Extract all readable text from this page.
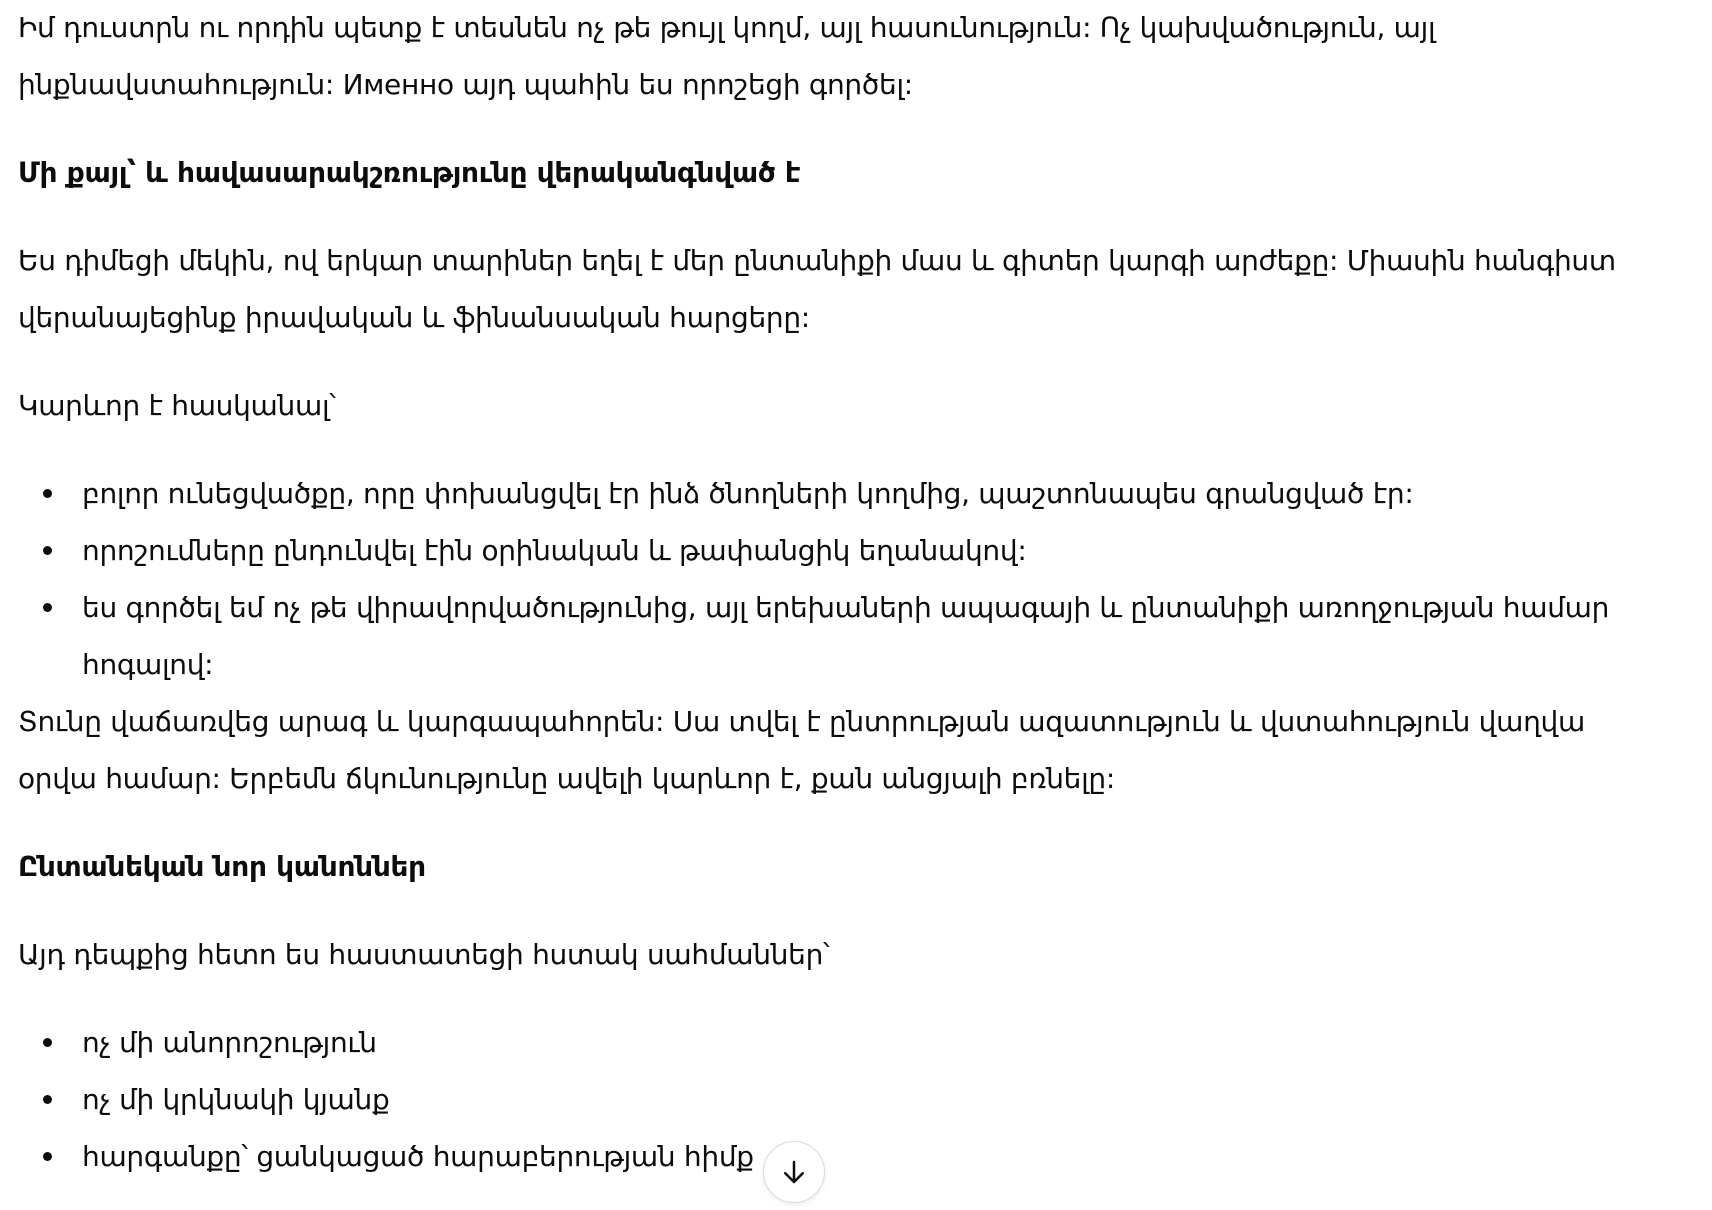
Իմ դուստրն ու որդին պետք է տեսնեն ոչ թե թույլ կողմ, այլ հասունություն: Ոչ կախվածություն, այլ ինքնավստահություն: Именно այդ պահին ես որոշեցի գործել:

Մի քայլ՝ և հավասարակշռությունը վերականգնված է

Ես դիմեցի մեկին, ով երկար տարիներ եղել է մեր ընտանիքի մաս և գիտեր կարգի արժեքը: Միասին հանգիստ վերանայեցինք իրավական և ֆինանսական հարցերը:

Կարևոր է հասկանալ՝

բոլոր ունեցվածքը, որը փոխանցվել էր ինձ ծնողների կողմից, պաշտոնապես գրանցված էր:
որոշումները ընդունվել էին օրինական և թափանցիկ եղանակով:
ես գործել եմ ոչ թե վիրավորվածությունից, այլ երեխաների ապագայի և ընտանիքի առողջության համար հոգալով:

Տունը վաճառվեց արագ և կարգապահորեն: Սա տվել է ընտրության ազատություն և վստահություն վաղվա օրվա համար: Երբեմն ճկունությունը ավելի կարևոր է, քան անցյալի բռնելը:

Ընտանեկան նոր կանոններ

Այդ դեպքից հետո ես հաստատեցի հստակ սահմաններ՝

ոչ մի անորոշություն
ոչ մի կրկնակի կյանք
հարգանքը՝ ցանկացած հարաբերության հիմք
